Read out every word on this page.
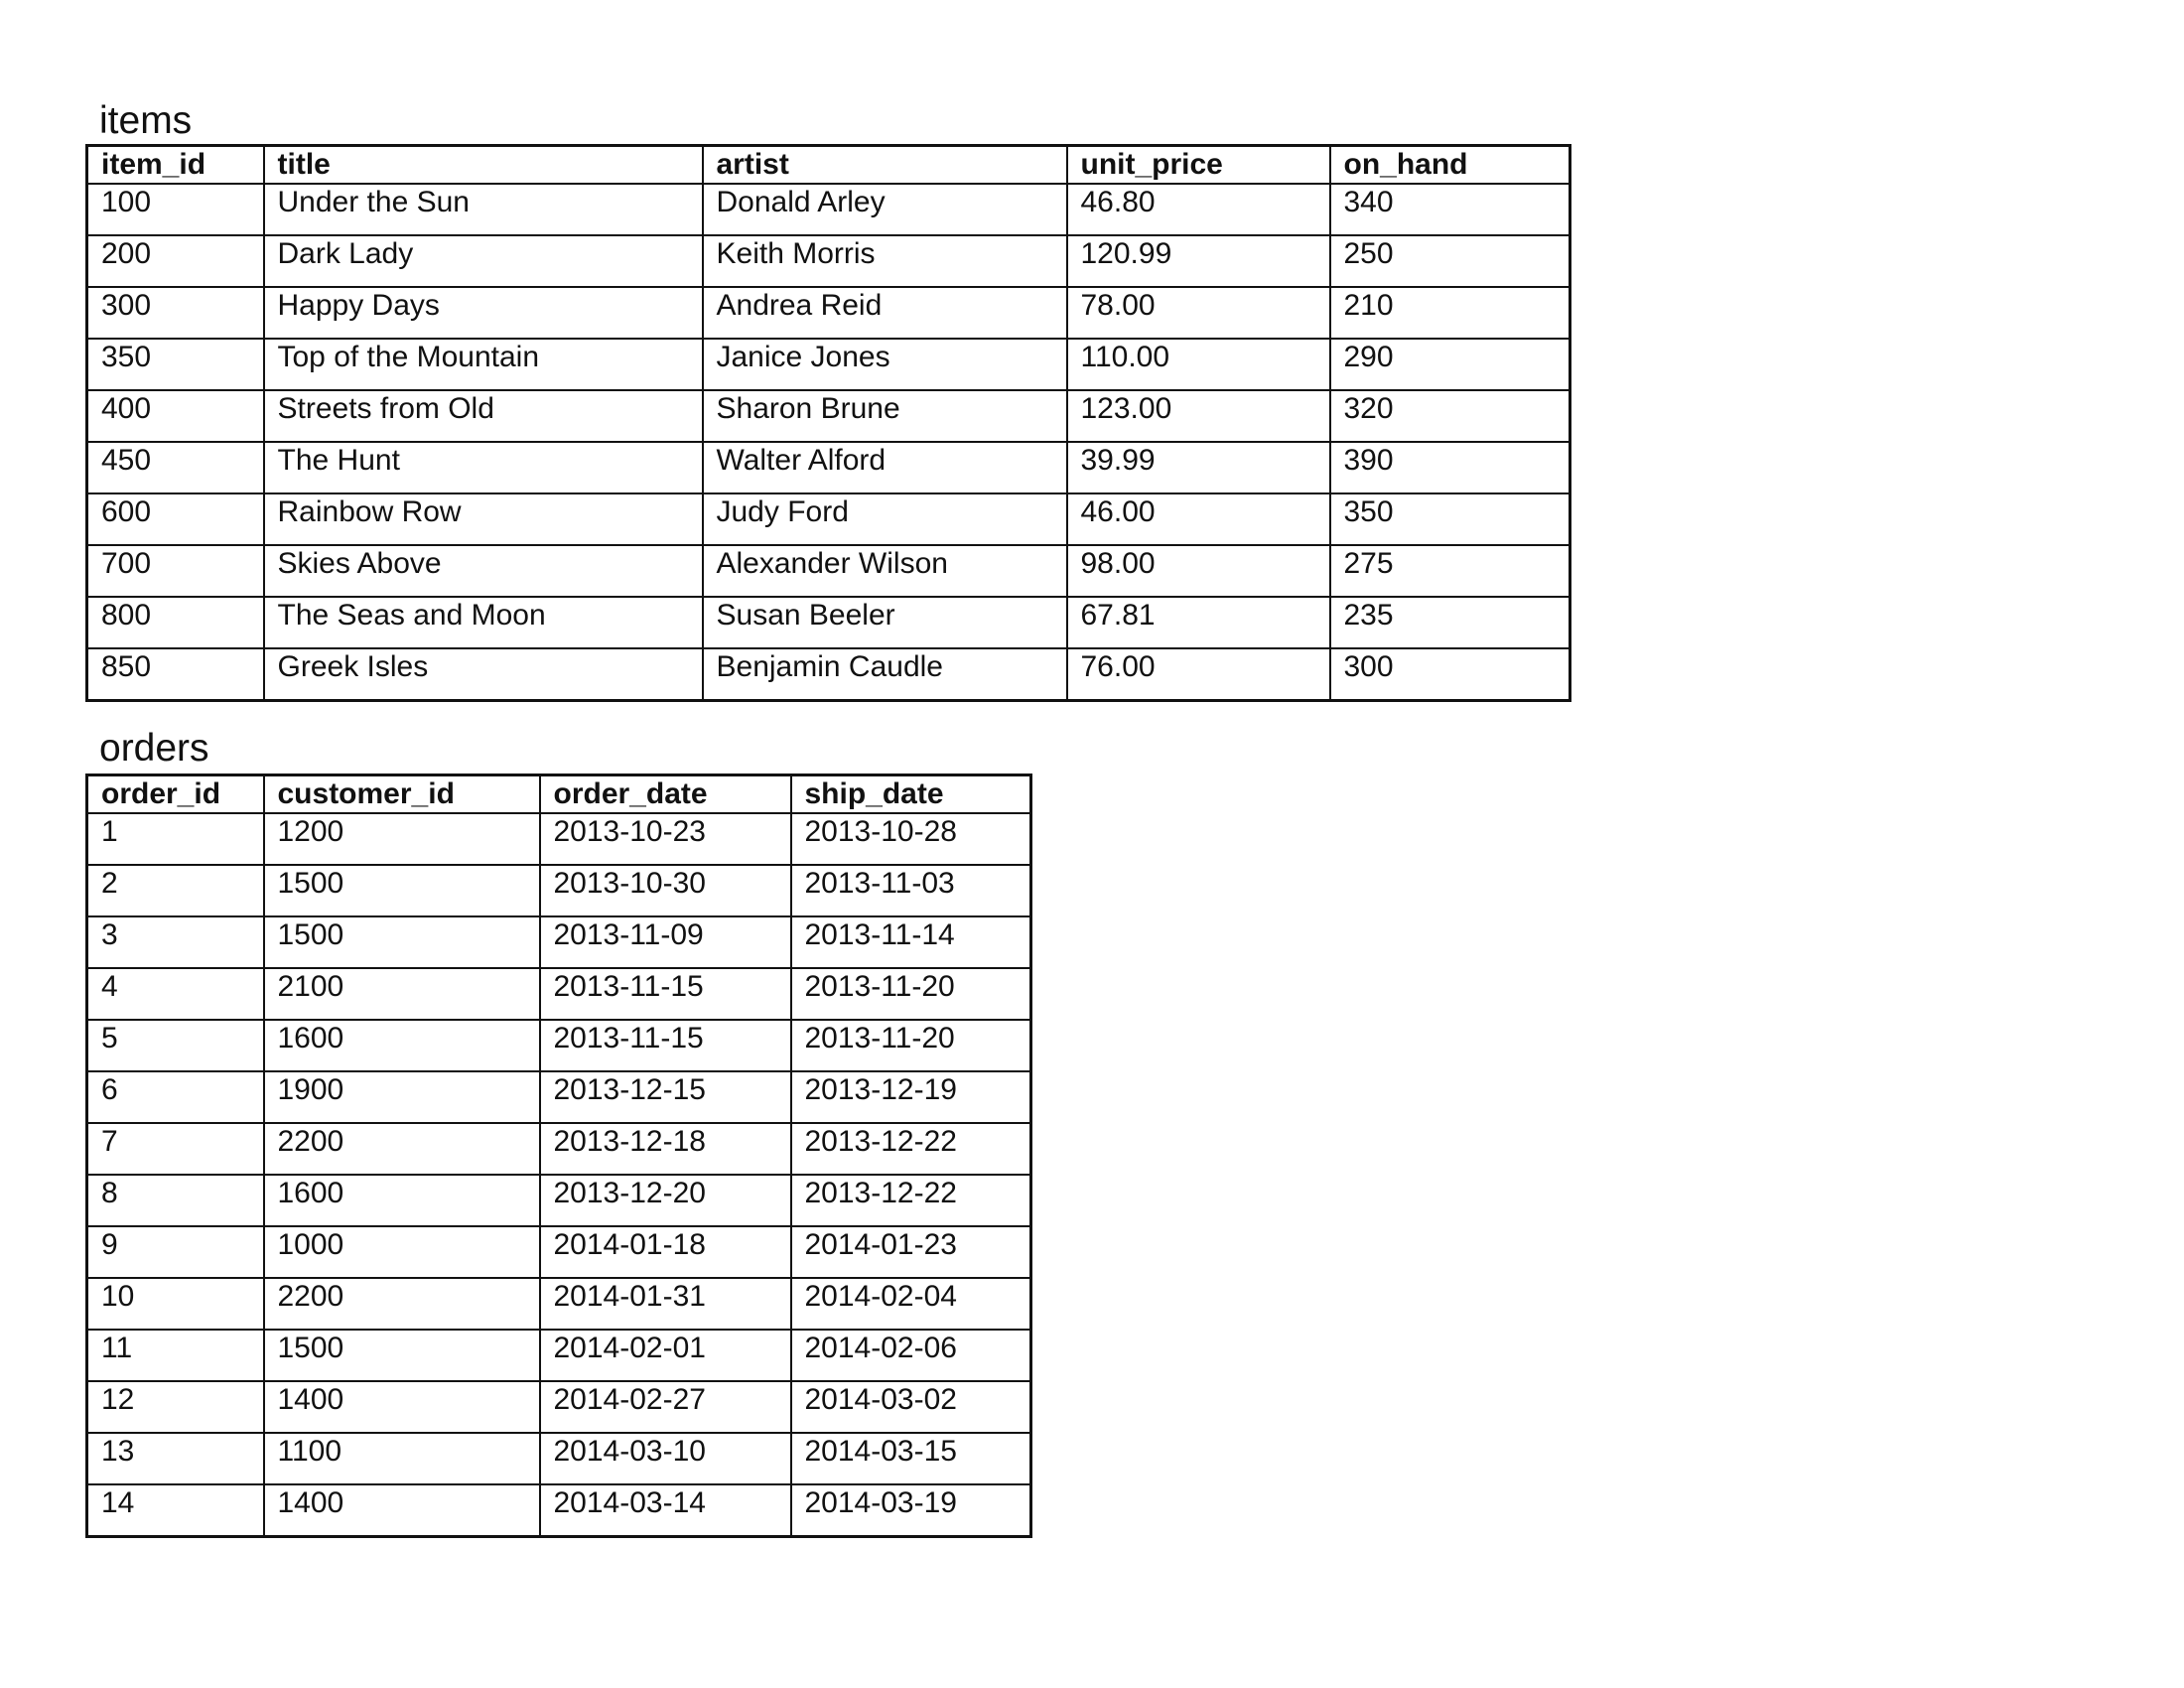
items
item_id	title	artist	unit_price	on_hand
100	Under the Sun	Donald Arley	46.80	340
200	Dark Lady	Keith Morris	120.99	250
300	Happy Days	Andrea Reid	78.00	210
350	Top of the Mountain	Janice Jones	110.00	290
400	Streets from Old	Sharon Brune	123.00	320
450	The Hunt	Walter Alford	39.99	390
600	Rainbow Row	Judy Ford	46.00	350
700	Skies Above	Alexander Wilson	98.00	275
800	The Seas and Moon	Susan Beeler	67.81	235
850	Greek Isles	Benjamin Caudle	76.00	300
orders
order_id	customer_id	order_date	ship_date
1	1200	2013-10-23	2013-10-28
2	1500	2013-10-30	2013-11-03
3	1500	2013-11-09	2013-11-14
4	2100	2013-11-15	2013-11-20
5	1600	2013-11-15	2013-11-20
6	1900	2013-12-15	2013-12-19
7	2200	2013-12-18	2013-12-22
8	1600	2013-12-20	2013-12-22
9	1000	2014-01-18	2014-01-23
10	2200	2014-01-31	2014-02-04
11	1500	2014-02-01	2014-02-06
12	1400	2014-02-27	2014-03-02
13	1100	2014-03-10	2014-03-15
14	1400	2014-03-14	2014-03-19
